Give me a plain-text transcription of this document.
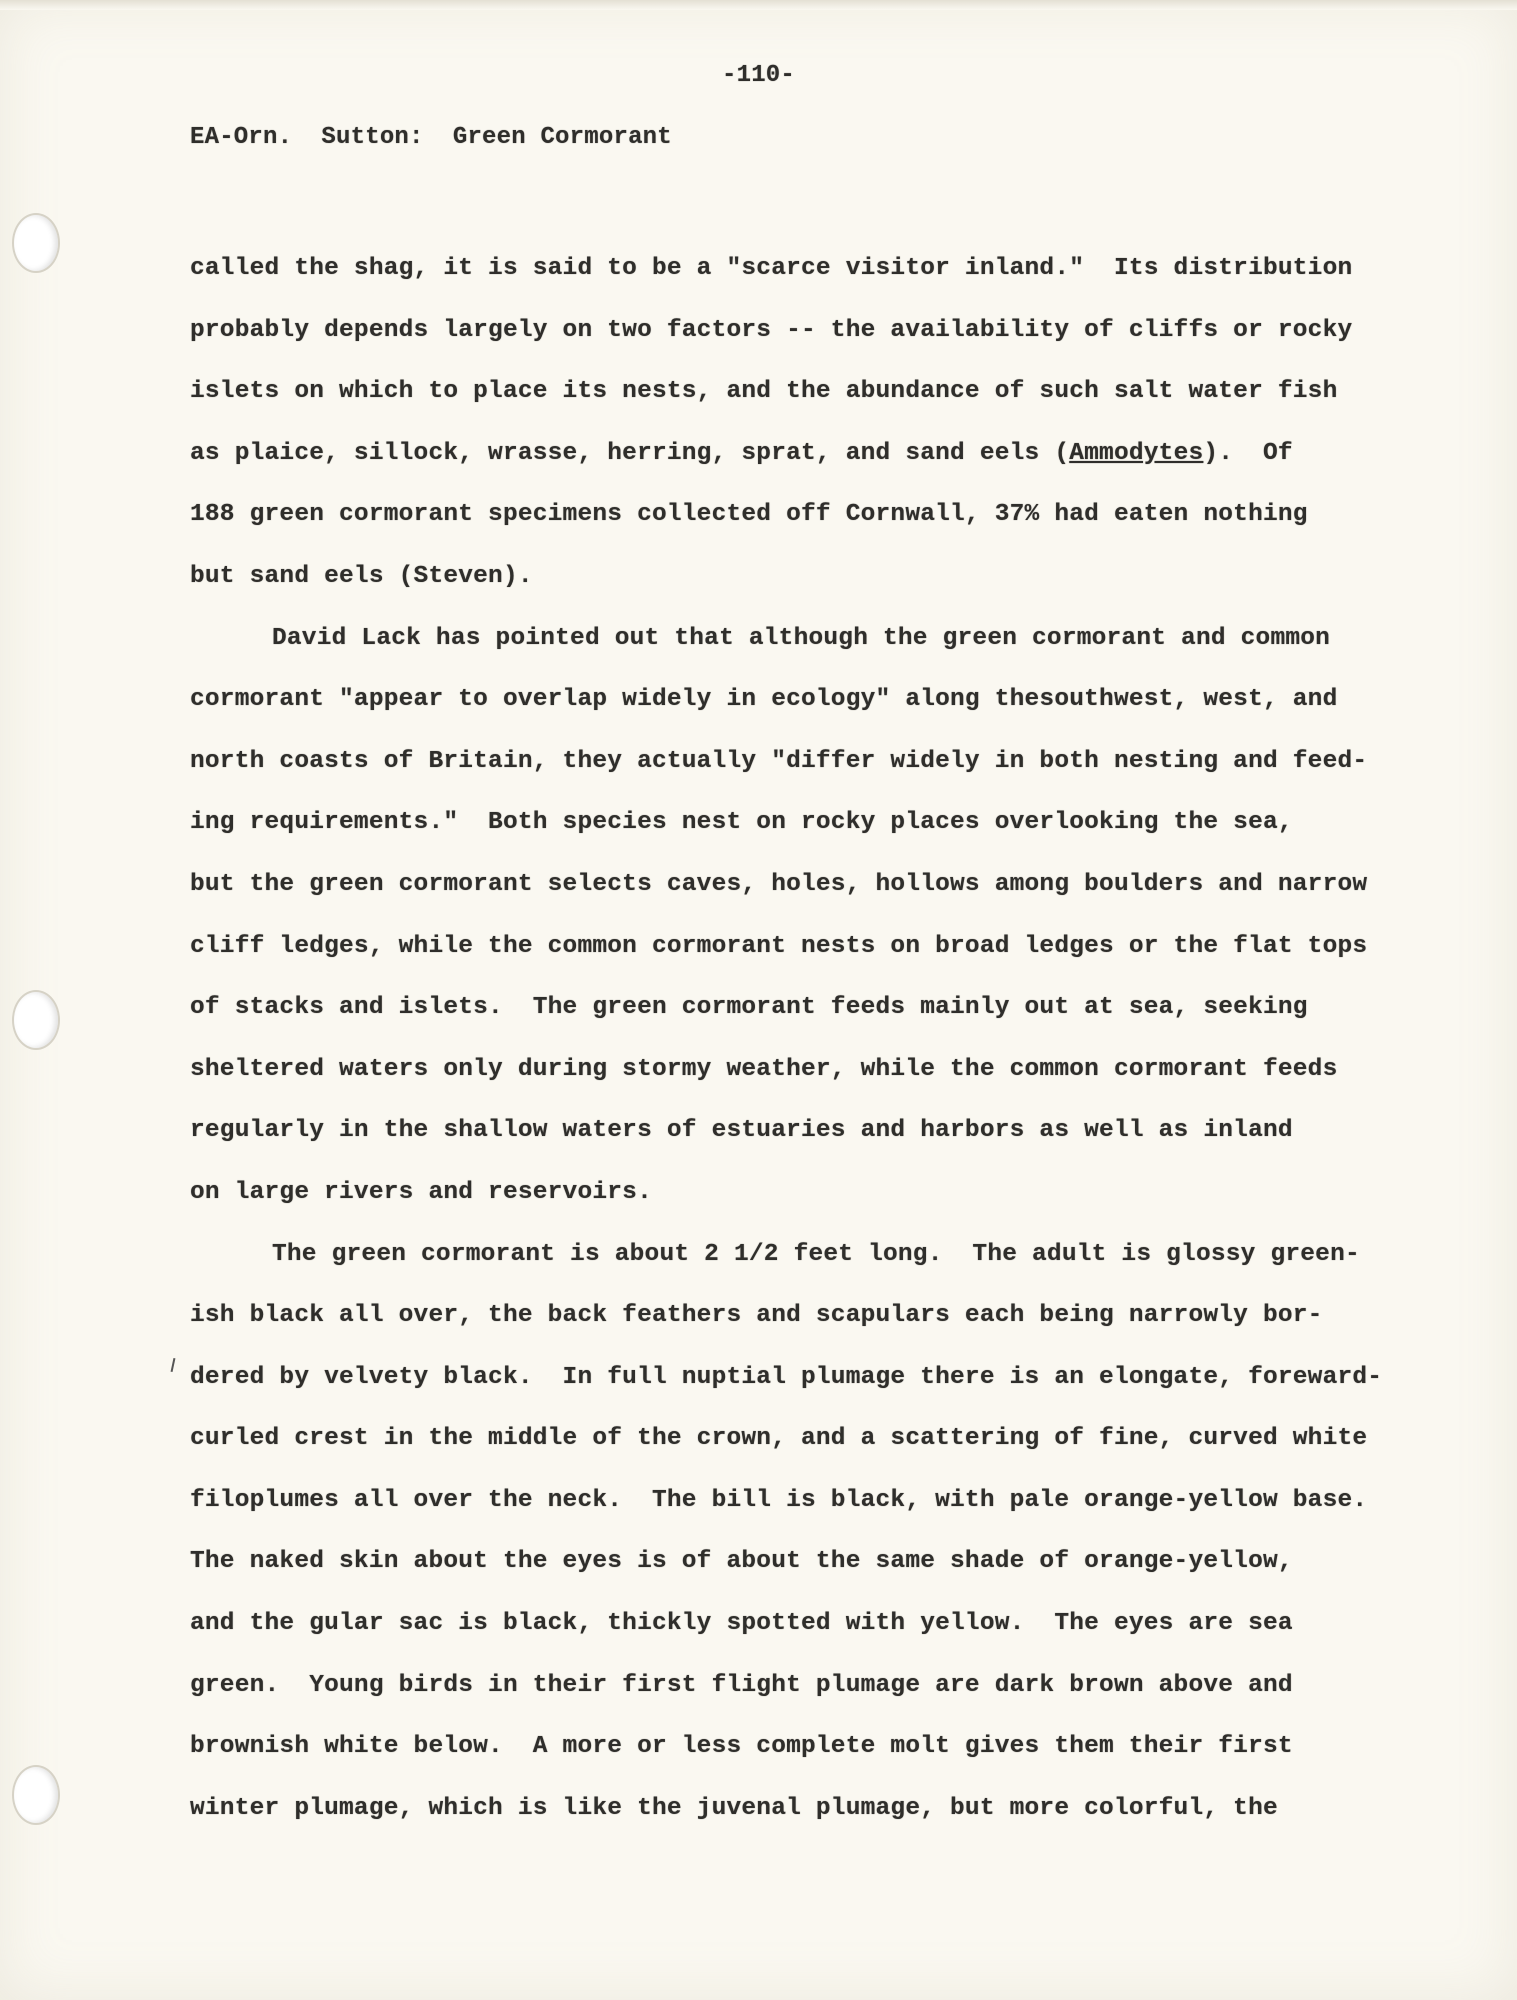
-110-
EA-Orn.  Sutton:  Green Cormorant
called the shag, it is said to be a "scarce visitor inland."  Its distribution
probably depends largely on two factors -- the availability of cliffs or rocky
islets on which to place its nests, and the abundance of such salt water fish
as plaice, sillock, wrasse, herring, sprat, and sand eels (Ammodytes).  Of
188 green cormorant specimens collected off Cornwall, 37% had eaten nothing
but sand eels (Steven).
David Lack has pointed out that although the green cormorant and common
cormorant "appear to overlap widely in ecology" along thesouthwest, west, and
north coasts of Britain, they actually "differ widely in both nesting and feed-
ing requirements."  Both species nest on rocky places overlooking the sea,
but the green cormorant selects caves, holes, hollows among boulders and narrow
cliff ledges, while the common cormorant nests on broad ledges or the flat tops
of stacks and islets.  The green cormorant feeds mainly out at sea, seeking
sheltered waters only during stormy weather, while the common cormorant feeds
regularly in the shallow waters of estuaries and harbors as well as inland
on large rivers and reservoirs.
The green cormorant is about 2 1/2 feet long.  The adult is glossy green-
ish black all over, the back feathers and scapulars each being narrowly bor-
dered by velvety black.  In full nuptial plumage there is an elongate, foreward-
curled crest in the middle of the crown, and a scattering of fine, curved white
filoplumes all over the neck.  The bill is black, with pale orange-yellow base.
The naked skin about the eyes is of about the same shade of orange-yellow,
and the gular sac is black, thickly spotted with yellow.  The eyes are sea
green.  Young birds in their first flight plumage are dark brown above and
brownish white below.  A more or less complete molt gives them their first
winter plumage, which is like the juvenal plumage, but more colorful, the
